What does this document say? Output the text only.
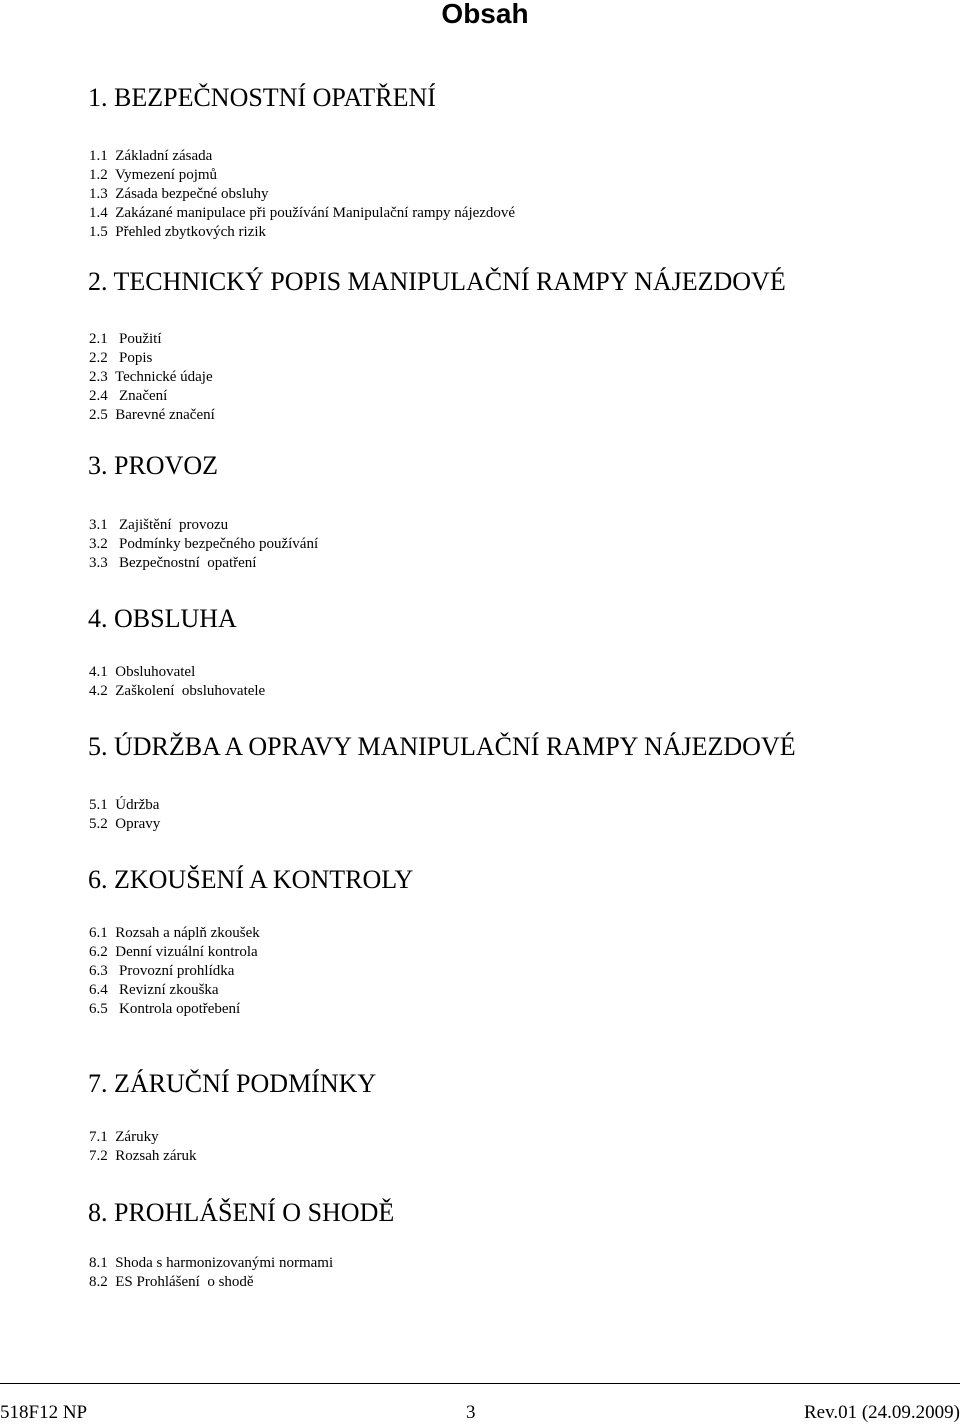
Obsah
1. BEZPEČNOSTNÍ OPATŘENÍ
1.1  Základní zásada
1.2  Vymezení pojmů
1.3  Zásada bezpečné obsluhy
1.4  Zakázané manipulace při používání Manipulační rampy nájezdové
1.5  Přehled zbytkových rizik
2. TECHNICKÝ POPIS MANIPULAČNÍ RAMPY NÁJEZDOVÉ
2.1   Použití
2.2   Popis
2.3  Technické údaje
2.4   Značení
2.5  Barevné značení
3. PROVOZ
3.1   Zajištění  provozu
3.2   Podmínky bezpečného používání
3.3   Bezpečnostní  opatření
4. OBSLUHA
4.1  Obsluhovatel
4.2  Zaškolení  obsluhovatele
5. ÚDRŽBA A OPRAVY MANIPULAČNÍ RAMPY NÁJEZDOVÉ
5.1  Údržba
5.2  Opravy
6. ZKOUŠENÍ A KONTROLY
6.1  Rozsah a náplň zkoušek
6.2  Denní vizuální kontrola
6.3   Provozní prohlídka
6.4   Revizní zkouška
6.5   Kontrola opotřebení
7. ZÁRUČNÍ PODMÍNKY
7.1  Záruky
7.2  Rozsah záruk
8. PROHLÁŠENÍ O SHODĚ
8.1  Shoda s harmonizovanými normami
8.2  ES Prohlášení  o shodě
518F12 NP	3	Rev.01 (24.09.2009)
